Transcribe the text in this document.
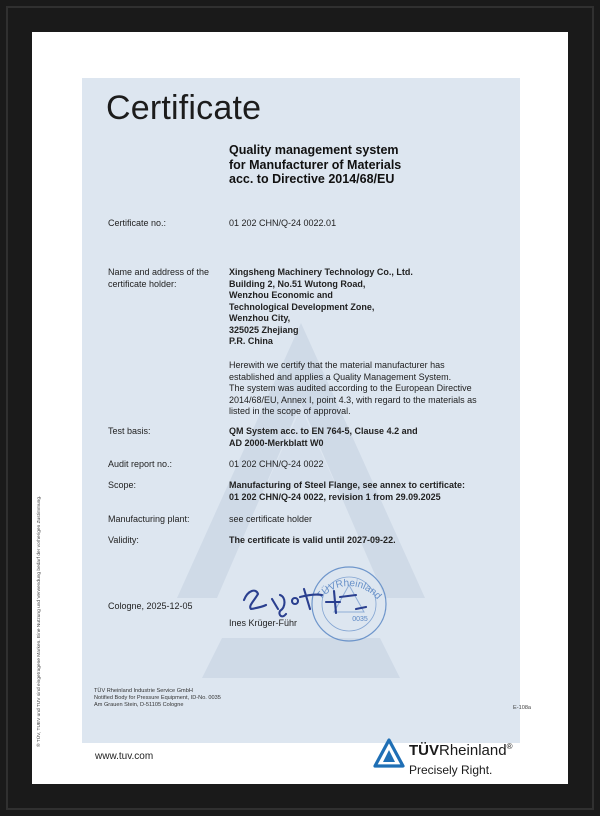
Certificate
Quality management system
for Manufacturer of Materials
acc. to Directive 2014/68/EU
Certificate no.:	01 202 CHN/Q-24 0022.01
Name and address of the
certificate holder:
Xingsheng Machinery Technology Co., Ltd.
Building 2, No.51 Wutong Road,
Wenzhou Economic and
Technological Development Zone,
Wenzhou City,
325025 Zhejiang
P.R. China
Herewith we certify that the material manufacturer has
established and applies a Quality Management System.
The system was audited according to the European Directive
2014/68/EU, Annex I, point 4.3, with regard to the materials as
listed in the scope of approval.
Test basis:	QM System acc. to EN 764-5, Clause 4.2 and
AD 2000-Merkblatt W0
Audit report no.:	01 202 CHN/Q-24 0022
Scope:	Manufacturing of Steel Flange, see annex to certificate:
01 202 CHN/Q-24 0022, revision 1 from 29.09.2025
Manufacturing plant:	see certificate holder
Validity:	The certificate is valid until 2027-09-22.
TÜVRheinland
0035
Cologne, 2025-12-05
Ines Krüger-Führ
TÜV Rheinland Industrie Service GmbH
Notified Body for Pressure Equipment, ID-No. 0035
Am Grauen Stein, D-51105 Cologne	E-108a
® TÜV, TUEV und TUV sind eingetragene Marken. Eine Nutzung und Verwendung bedarf der vorherigen Zustimmung.
www.tuv.com	TÜVRheinland®
Precisely Right.
